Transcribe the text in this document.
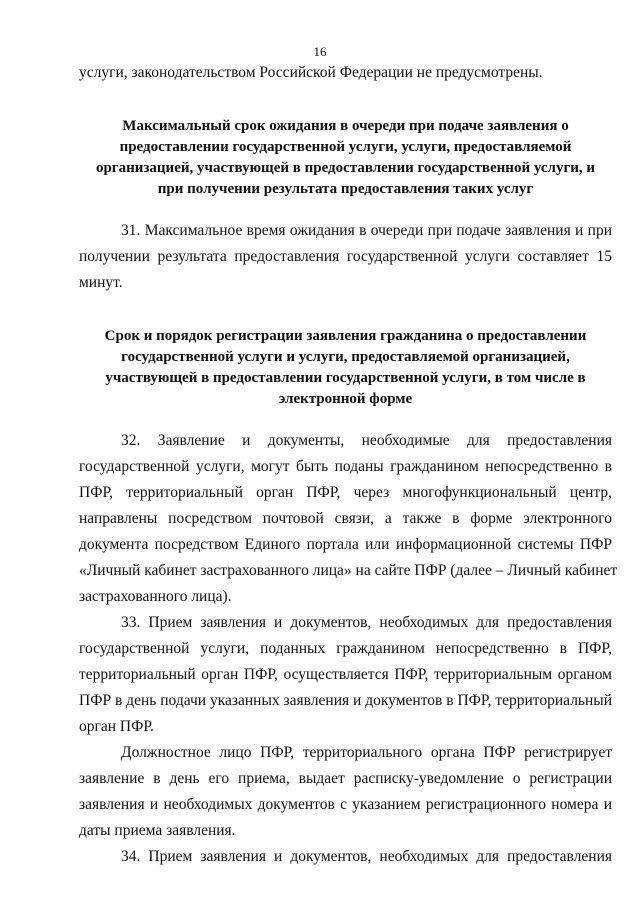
16
услуги, законодательством Российской Федерации не предусмотрены.
Максимальный срок ожидания в очереди при подаче заявления о
предоставлении государственной услуги, услуги, предоставляемой
организацией, участвующей в предоставлении государственной услуги, и
при получении результата предоставления таких услуг
31. Максимальное время ожидания в очереди при подаче заявления и при
получении результата предоставления государственной услуги составляет 15
минут.
Срок и порядок регистрации заявления гражданина о предоставлении
государственной услуги и услуги, предоставляемой организацией,
участвующей в предоставлении государственной услуги, в том числе в
электронной форме
32. Заявление и документы, необходимые для предоставления
государственной услуги, могут быть поданы гражданином непосредственно в
ПФР, территориальный орган ПФР, через многофункциональный центр,
направлены посредством почтовой связи, а также в форме электронного
документа посредством Единого портала или информационной системы ПФР
«Личный кабинет застрахованного лица» на сайте ПФР (далее – Личный кабинет
застрахованного лица).
33. Прием заявления и документов, необходимых для предоставления
государственной услуги, поданных гражданином непосредственно в ПФР,
территориальный орган ПФР, осуществляется ПФР, территориальным органом
ПФР в день подачи указанных заявления и документов в ПФР, территориальный
орган ПФР.
Должностное лицо ПФР, территориального органа ПФР регистрирует
заявление в день его приема, выдает расписку-уведомление о регистрации
заявления и необходимых документов с указанием регистрационного номера и
даты приема заявления.
34. Прием заявления и документов, необходимых для предоставления
